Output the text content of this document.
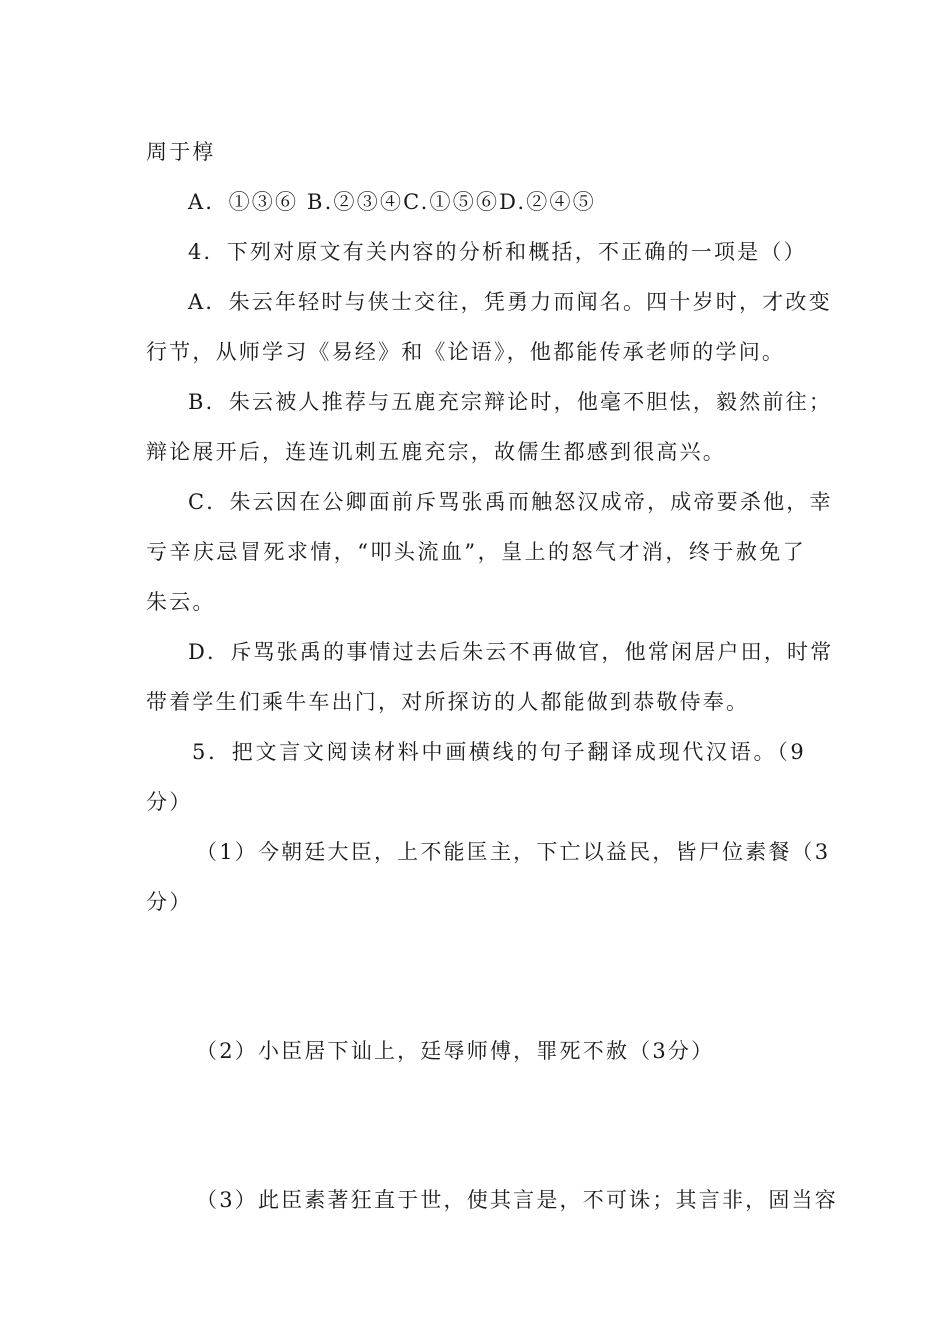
周于椁
A．①③⑥ B.②③④C.①⑤⑥D.②④⑤
4．下列对原文有关内容的分析和概括，不正确的一项是（）
A．朱云年轻时与侠士交往，凭勇力而闻名。四十岁时，才改变
行节，从师学习《易经》和《论语》，他都能传承老师的学问。
B．朱云被人推荐与五鹿充宗辩论时，他毫不胆怯，毅然前往；
辩论展开后，连连讥刺五鹿充宗，故儒生都感到很高兴。
C．朱云因在公卿面前斥骂张禹而触怒汉成帝，成帝要杀他，幸
亏辛庆忌冒死求情，“叩头流血”，皇上的怒气才消，终于赦免了
朱云。
D．斥骂张禹的事情过去后朱云不再做官，他常闲居户田，时常
带着学生们乘牛车出门，对所探访的人都能做到恭敬侍奉。
5．把文言文阅读材料中画横线的句子翻译成现代汉语。（9
分）
（1）今朝廷大臣，上不能匡主，下亡以益民，皆尸位素餐（3
分）
（2）小臣居下讪上，廷辱师傅，罪死不赦（3分）
（3）此臣素著狂直于世，使其言是，不可诛；其言非，固当容
